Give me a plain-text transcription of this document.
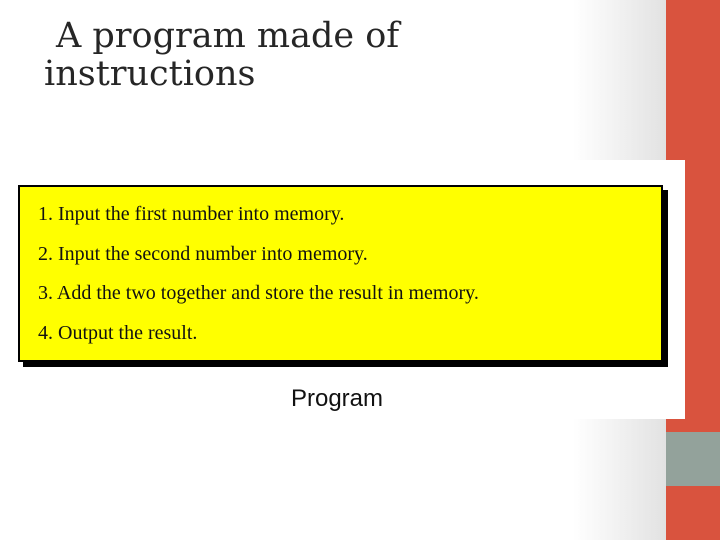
A program made of
instructions
1. Input the first number into memory.
2. Input the second number into memory.
3. Add the two together and store the result in memory.
4. Output the result.
Program
